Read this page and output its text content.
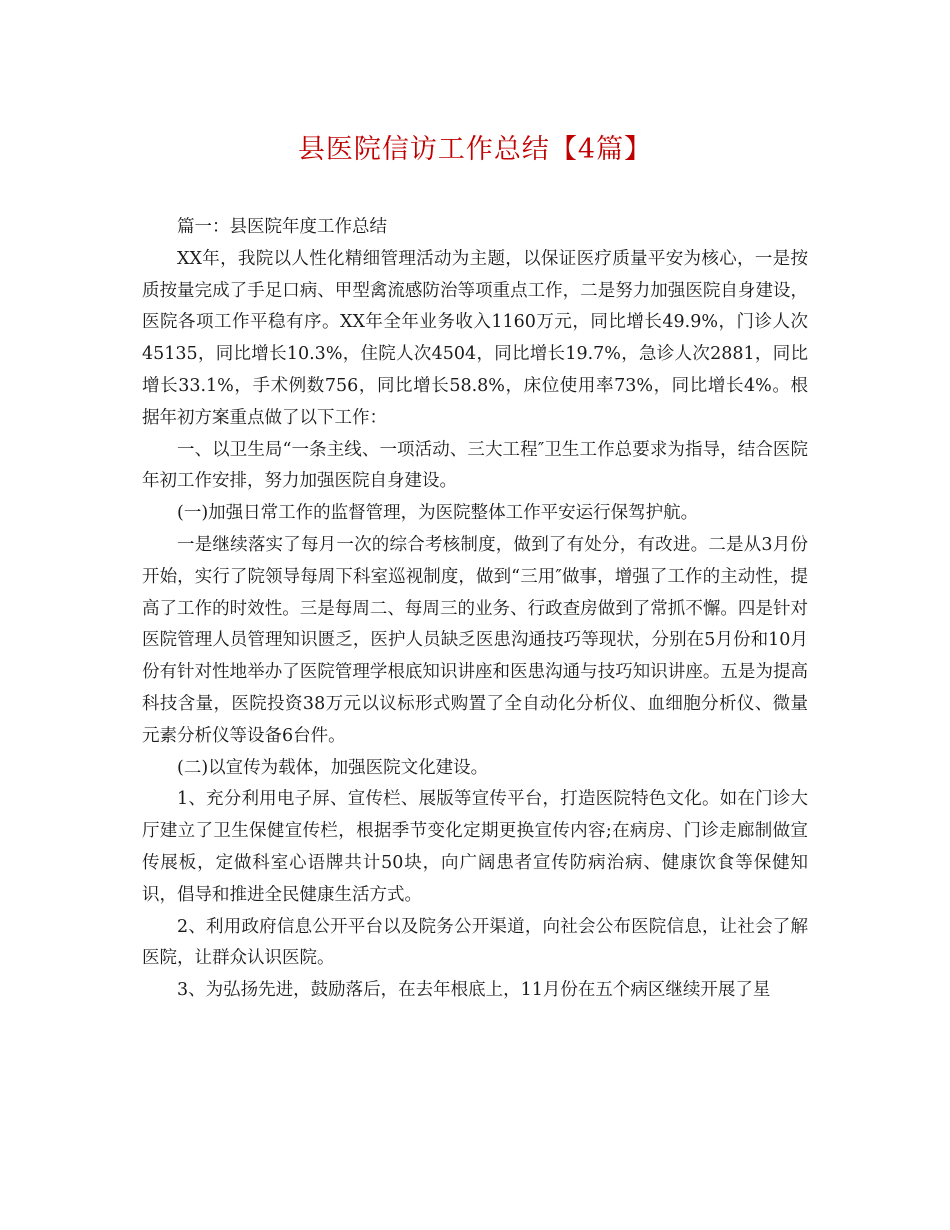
县医院信访工作总结【4篇】

篇一：县医院年度工作总结

XX年，我院以人性化精细管理活动为主题，以保证医疗质量平安为核心，一是按质按量完成了手足口病、甲型禽流感防治等项重点工作，二是努力加强医院自身建设，医院各项工作平稳有序。XX年全年业务收入1160万元，同比增长49.9%，门诊人次45135，同比增长10.3%，住院人次4504，同比增长19.7%，急诊人次2881，同比增长33.1%，手术例数756，同比增长58.8%，床位使用率73%，同比增长4%。根据年初方案重点做了以下工作：

一、以卫生局“一条主线、一项活动、三大工程″卫生工作总要求为指导，结合医院年初工作安排，努力加强医院自身建设。

(一)加强日常工作的监督管理，为医院整体工作平安运行保驾护航。

一是继续落实了每月一次的综合考核制度，做到了有处分，有改进。二是从3月份开始，实行了院领导每周下科室巡视制度，做到“三用″做事，增强了工作的主动性，提高了工作的时效性。三是每周二、每周三的业务、行政查房做到了常抓不懈。四是针对医院管理人员管理知识匮乏，医护人员缺乏医患沟通技巧等现状，分别在5月份和10月份有针对性地举办了医院管理学根底知识讲座和医患沟通与技巧知识讲座。五是为提高科技含量，医院投资38万元以议标形式购置了全自动化分析仪、血细胞分析仪、微量元素分析仪等设备6台件。

(二)以宣传为载体，加强医院文化建设。

1、充分利用电子屏、宣传栏、展版等宣传平台，打造医院特色文化。如在门诊大厅建立了卫生保健宣传栏，根据季节变化定期更换宣传内容;在病房、门诊走廊制做宣传展板，定做科室心语牌共计50块，向广阔患者宣传防病治病、健康饮食等保健知识，倡导和推进全民健康生活方式。

2、利用政府信息公开平台以及院务公开渠道，向社会公布医院信息，让社会了解医院，让群众认识医院。

3、为弘扬先进，鼓励落后，在去年根底上，11月份在五个病区继续开展了星
